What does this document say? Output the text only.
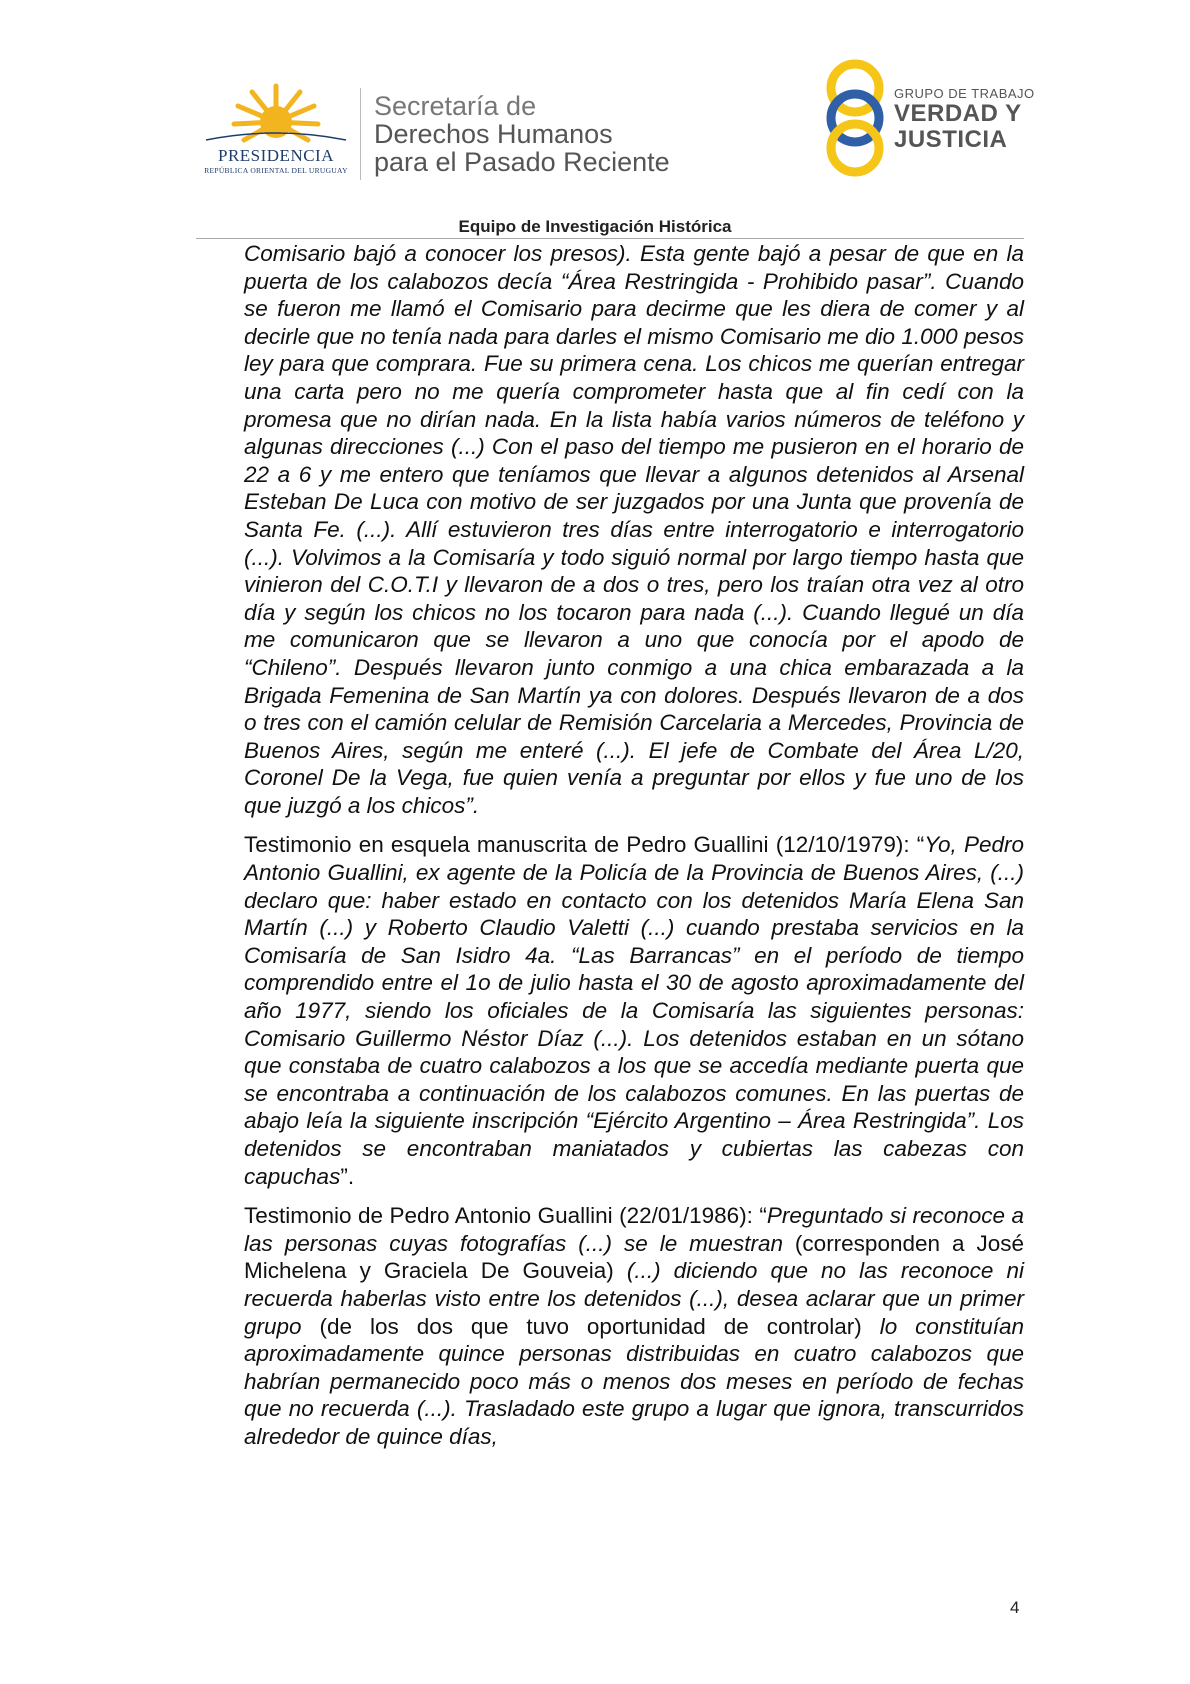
PRESIDENCIA
REPÚBLICA ORIENTAL DEL URUGUAY
Secretaría de
Derechos Humanos
para el Pasado Reciente
GRUPO DE TRABAJO
VERDAD Y
JUSTICIA
Equipo de Investigación Histórica

Comisario bajó a conocer los presos). Esta gente bajó a pesar de que en la puerta de los calabozos decía “Área Restringida - Prohibido pasar”. Cuando se fueron me llamó el Comisario para decirme que les diera de comer y al decirle que no tenía nada para darles el mismo Comisario me dio 1.000 pesos ley para que comprara. Fue su primera cena. Los chicos me querían entregar una carta pero no me quería comprometer hasta que al fin cedí con la promesa que no dirían nada. En la lista había varios números de teléfono y algunas direcciones (...) Con el paso del tiempo me pusieron en el horario de 22 a 6 y me entero que teníamos que llevar a algunos detenidos al Arsenal Esteban De Luca con motivo de ser juzgados por una Junta que provenía de Santa Fe. (...). Allí estuvieron tres días entre interrogatorio e interrogatorio (...). Volvimos a la Comisaría y todo siguió normal por largo tiempo hasta que vinieron del C.O.T.I y llevaron de a dos o tres, pero los traían otra vez al otro día y según los chicos no los tocaron para nada (...). Cuando llegué un día me comunicaron que se llevaron a uno que conocía por el apodo de “Chileno”. Después llevaron junto conmigo a una chica embarazada a la Brigada Femenina de San Martín ya con dolores. Después llevaron de a dos o tres con el camión celular de Remisión Carcelaria a Mercedes, Provincia de Buenos Aires, según me enteré (...). El jefe de Combate del Área L/20, Coronel De la Vega, fue quien venía a preguntar por ellos y fue uno de los que juzgó a los chicos”.

Testimonio en esquela manuscrita de Pedro Guallini (12/10/1979): “Yo, Pedro Antonio Guallini, ex agente de la Policía de la Provincia de Buenos Aires, (...) declaro que: haber estado en contacto con los detenidos María Elena San Martín (...) y Roberto Claudio Valetti (...) cuando prestaba servicios en la Comisaría de San Isidro 4a. “Las Barrancas” en el período de tiempo comprendido entre el 1o de julio hasta el 30 de agosto aproximadamente del año 1977, siendo los oficiales de la Comisaría las siguientes personas: Comisario Guillermo Néstor Díaz (...). Los detenidos estaban en un sótano que constaba de cuatro calabozos a los que se accedía mediante puerta que se encontraba a continuación de los calabozos comunes. En las puertas de abajo leía la siguiente inscripción “Ejército Argentino – Área Restringida”. Los detenidos se encontraban maniatados y cubiertas las cabezas con capuchas”.

Testimonio de Pedro Antonio Guallini (22/01/1986): “Preguntado si reconoce a las personas cuyas fotografías (...) se le muestran (corresponden a José Michelena y Graciela De Gouveia) (...) diciendo que no las reconoce ni recuerda haberlas visto entre los detenidos (...), desea aclarar que un primer grupo (de los dos que tuvo oportunidad de controlar) lo constituían aproximadamente quince personas distribuidas en cuatro calabozos que habrían permanecido poco más o menos dos meses en período de fechas que no recuerda (...). Trasladado este grupo a lugar que ignora, transcurridos alrededor de quince días,

4
